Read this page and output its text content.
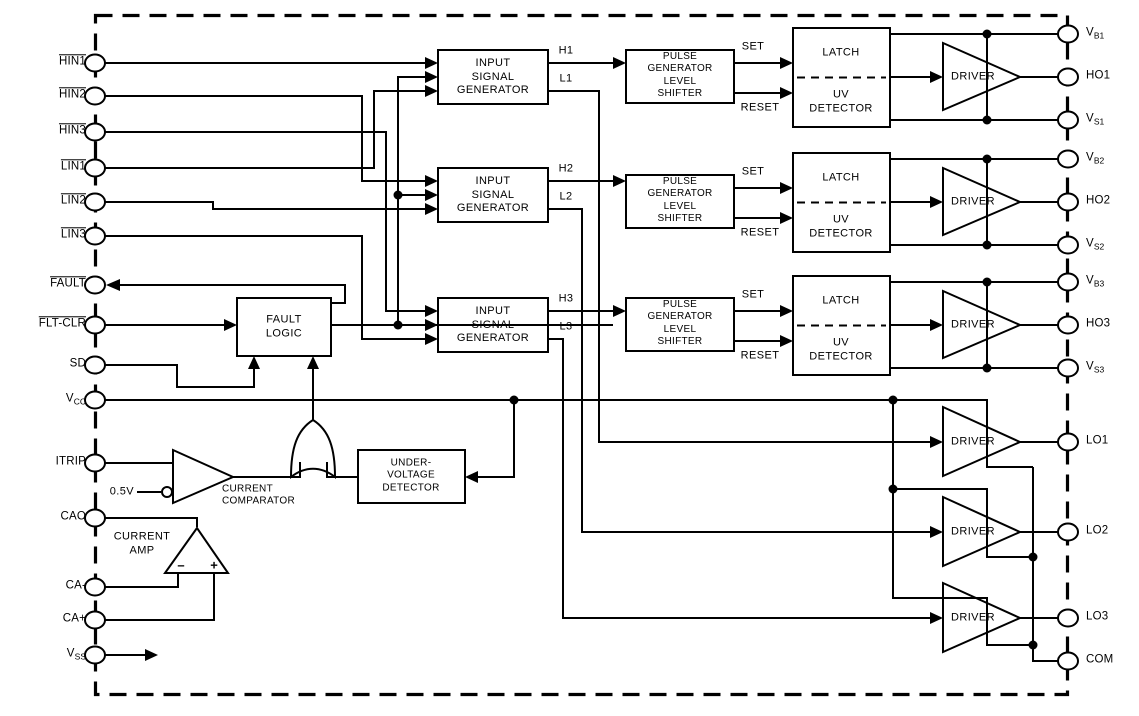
HIN1
HIN2
HIN3
LIN1
LIN2
LIN3
FAULT
FLT-CLR
SD
$V_{CC}$
ITRIP
CAO
CA-
CA+
$V_{SS}$
$V_{B1}$
HO1
$V_{S1}$
$V_{B2}$
HO2
$V_{S2}$
$V_{B3}$
HO3
$V_{S3}$
LO1
LO2
LO3
COM
INPUT
SIGNAL
GENERATOR
INPUT
SIGNAL
GENERATOR
INPUT
SIGNAL
GENERATOR
PULSE
GENERATOR
LEVEL
SHIFTER
PULSE
GENERATOR
LEVEL
SHIFTER
PULSE
GENERATOR
LEVEL
SHIFTER
LATCH
LATCH
LATCH
UV
DETECTOR
UV
DETECTOR
UV
DETECTOR
DRIVER
DRIVER
DRIVER
DRIVER
DRIVER
DRIVER
FAULT
LOGIC
UNDER-
VOLTAGE
DETECTOR
CURRENT
COMPARATOR
CURRENT
AMP
H1
L1
H2
L2
H3
L3
SET
RESET
SET
RESET
SET
RESET
0.5V
– +
